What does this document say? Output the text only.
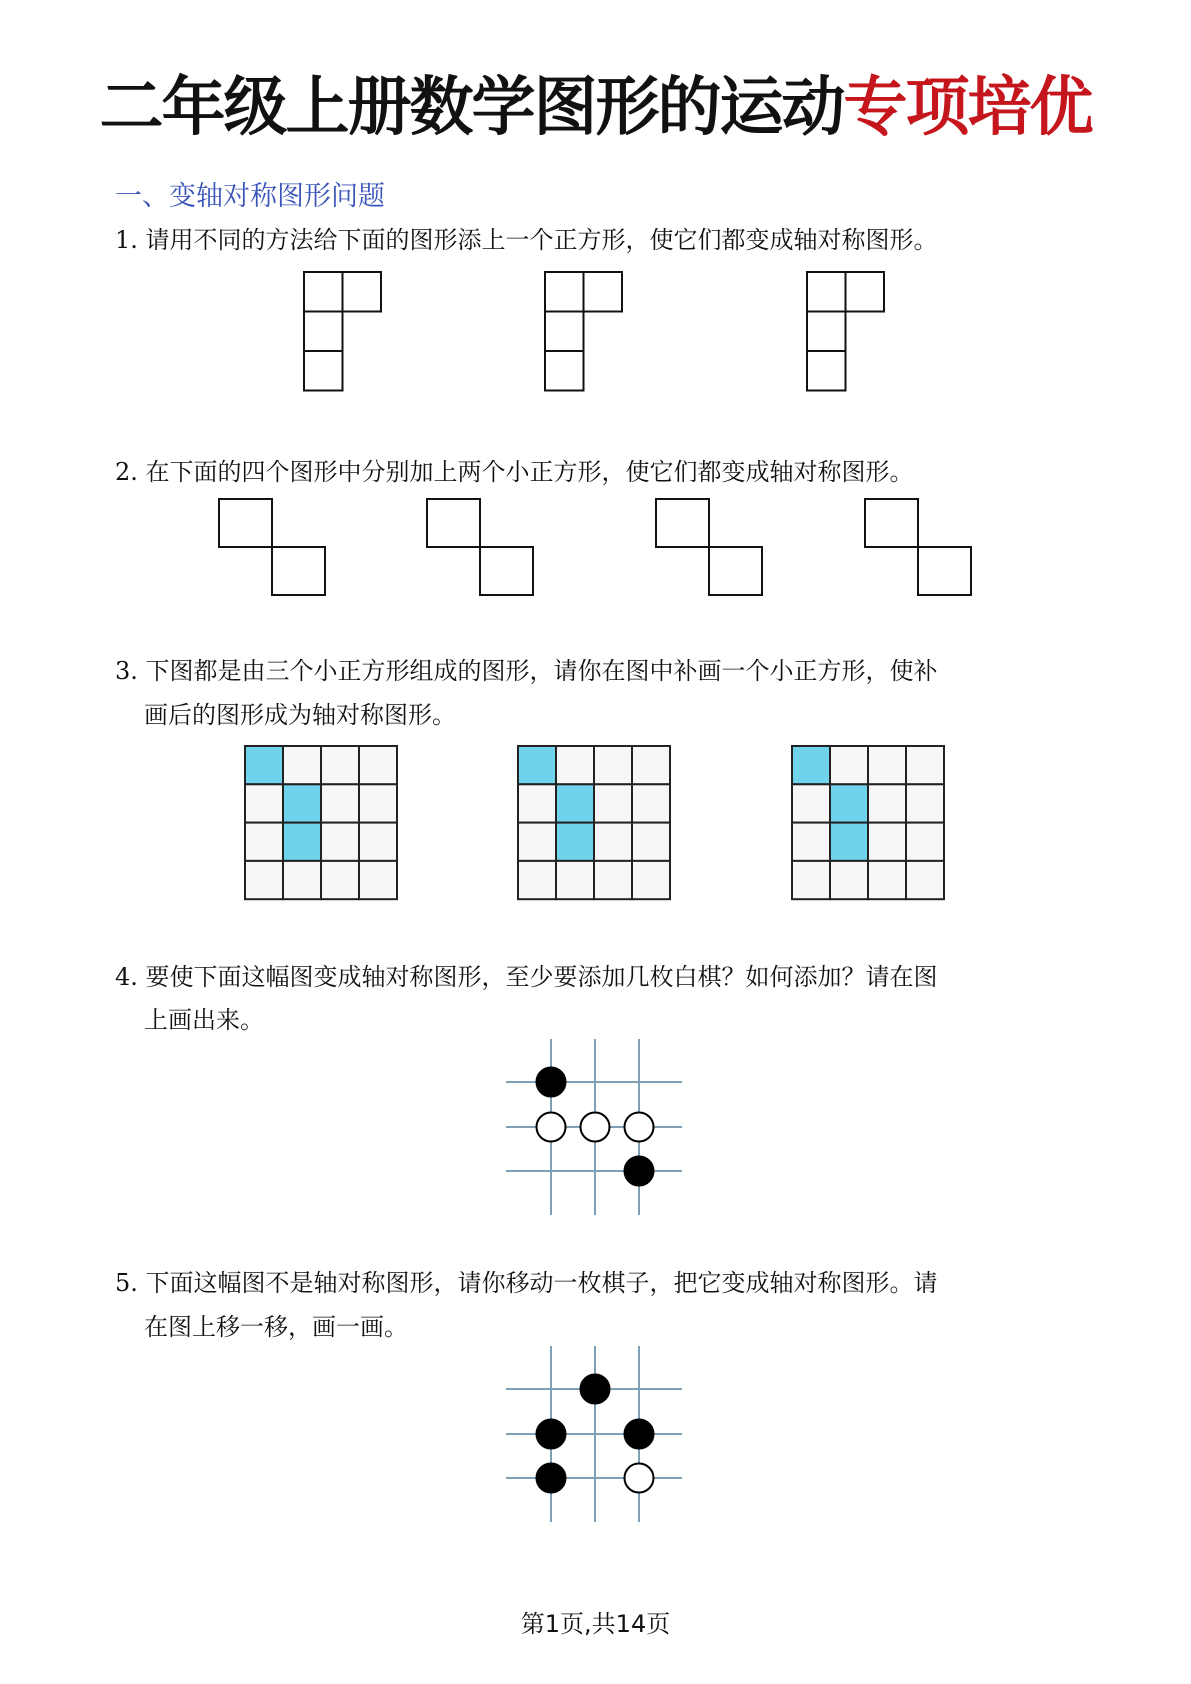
二年级上册数学图形的运动专项培优
一、变轴对称图形问题
1. 请用不同的方法给下面的图形添上一个正方形，使它们都变成轴对称图形。
2. 在下面的四个图形中分别加上两个小正方形，使它们都变成轴对称图形。
3. 下图都是由三个小正方形组成的图形，请你在图中补画一个小正方形，使补
画后的图形成为轴对称图形。
4. 要使下面这幅图变成轴对称图形，至少要添加几枚白棋？如何添加？请在图
上画出来。
5. 下面这幅图不是轴对称图形，请你移动一枚棋子，把它变成轴对称图形。请
在图上移一移，画一画。
第1页,共14页
